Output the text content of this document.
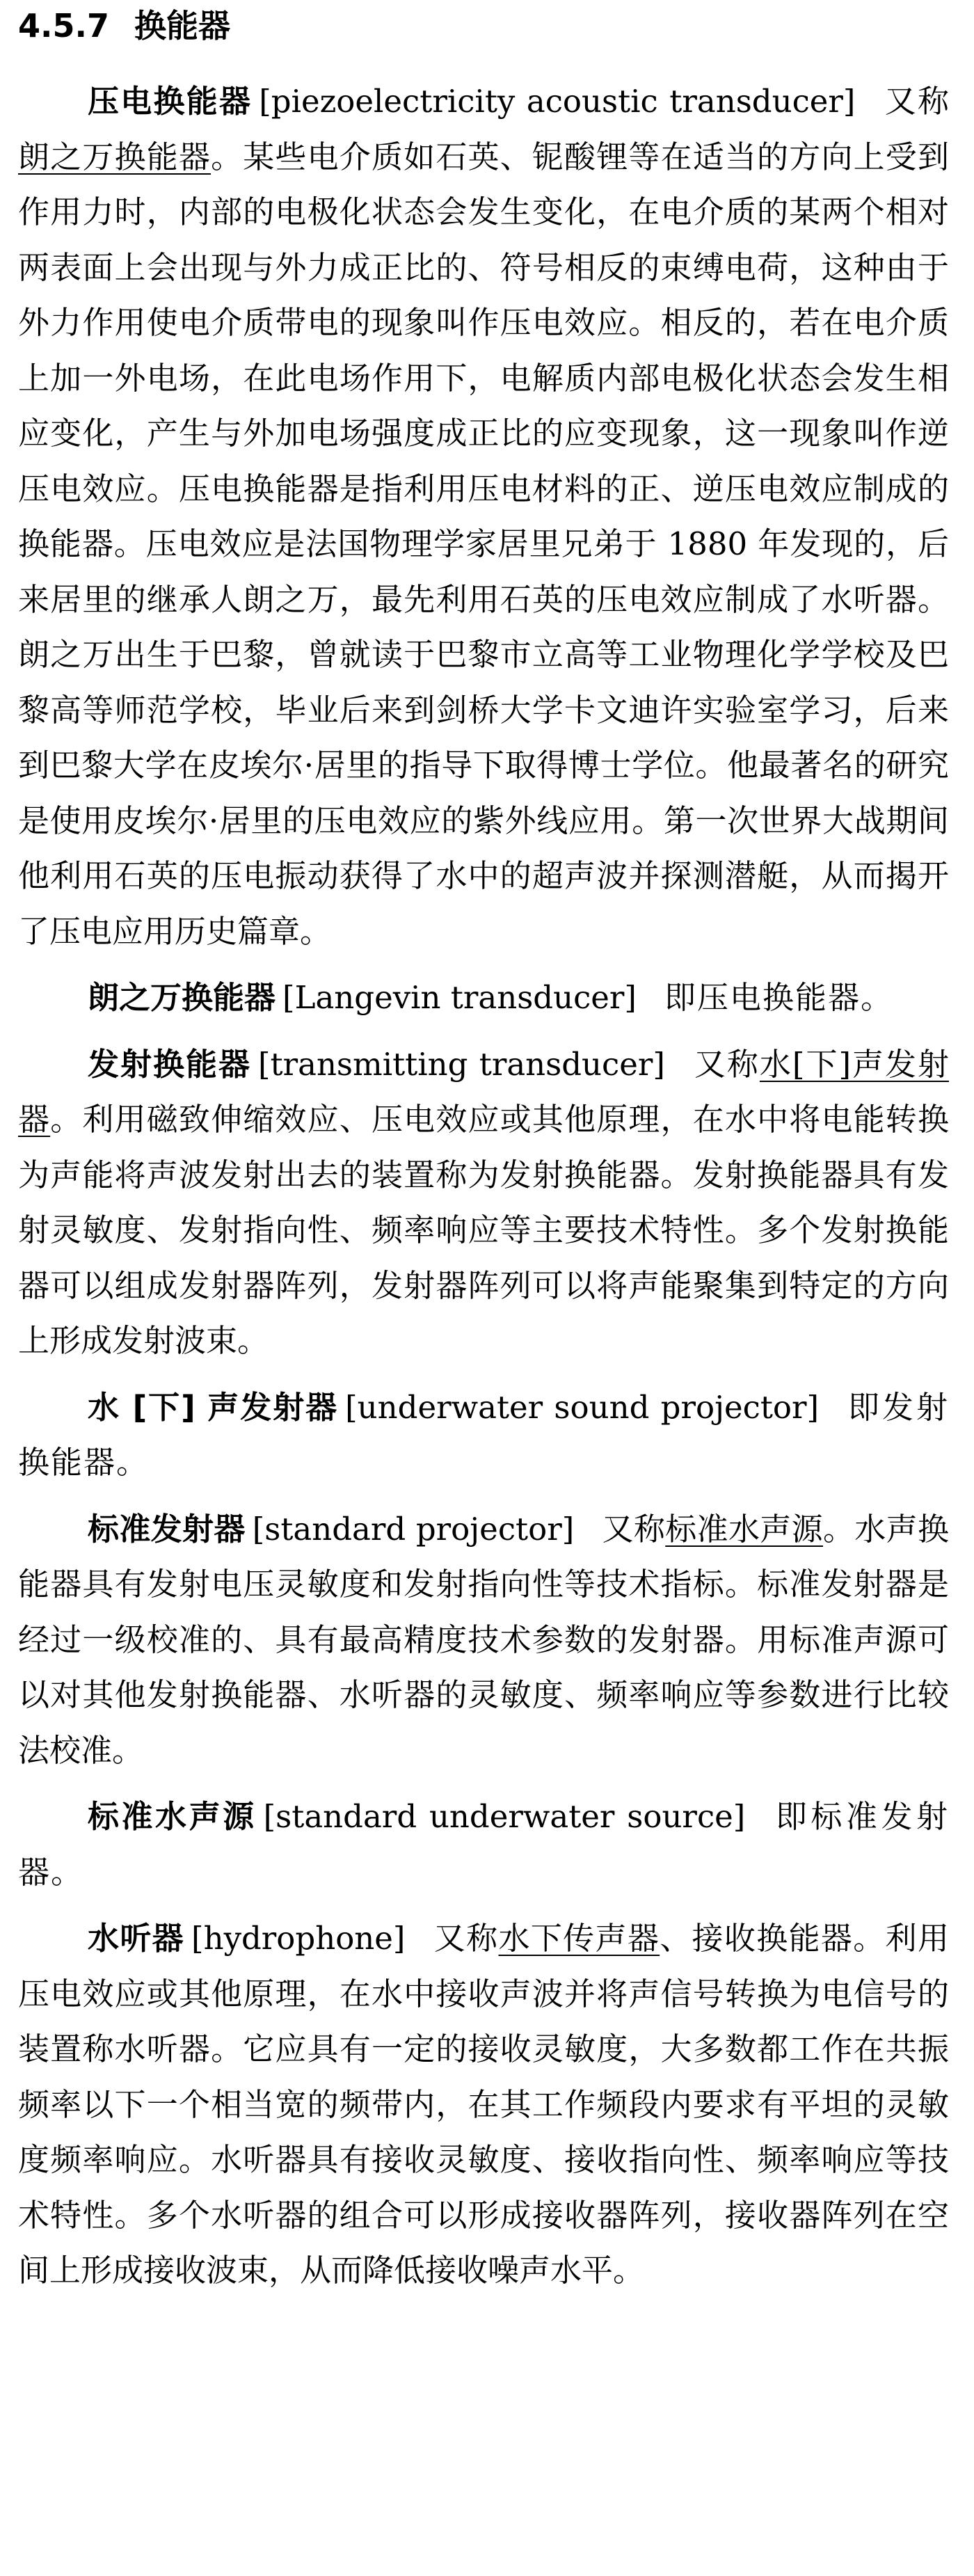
4.5.7 换能器

压电换能器 [piezoelectricity acoustic transducer] 又称朗之万换能器。某些电介质如石英、铌酸锂等在适当的方向上受到作用力时，内部的电极化状态会发生变化，在电介质的某两个相对两表面上会出现与外力成正比的、符号相反的束缚电荷，这种由于外力作用使电介质带电的现象叫作压电效应。相反的，若在电介质上加一外电场，在此电场作用下，电解质内部电极化状态会发生相应变化，产生与外加电场强度成正比的应变现象，这一现象叫作逆压电效应。压电换能器是指利用压电材料的正、逆压电效应制成的换能器。压电效应是法国物理学家居里兄弟于 1880 年发现的，后来居里的继承人朗之万，最先利用石英的压电效应制成了水听器。朗之万出生于巴黎，曾就读于巴黎市立高等工业物理化学学校及巴黎高等师范学校，毕业后来到剑桥大学卡文迪许实验室学习，后来到巴黎大学在皮埃尔·居里的指导下取得博士学位。他最著名的研究是使用皮埃尔·居里的压电效应的紫外线应用。第一次世界大战期间他利用石英的压电振动获得了水中的超声波并探测潜艇，从而揭开了压电应用历史篇章。

朗之万换能器 [Langevin transducer] 即压电换能器。

发射换能器 [transmitting transducer] 又称水[下]声发射器。利用磁致伸缩效应、压电效应或其他原理，在水中将电能转换为声能将声波发射出去的装置称为发射换能器。发射换能器具有发射灵敏度、发射指向性、频率响应等主要技术特性。多个发射换能器可以组成发射器阵列，发射器阵列可以将声能聚集到特定的方向上形成发射波束。

水 [下] 声发射器 [underwater sound projector] 即发射换能器。

标准发射器 [standard projector] 又称标准水声源。水声换能器具有发射电压灵敏度和发射指向性等技术指标。标准发射器是经过一级校准的、具有最高精度技术参数的发射器。用标准声源可以对其他发射换能器、水听器的灵敏度、频率响应等参数进行比较法校准。

标准水声源 [standard underwater source] 即标准发射器。

水听器 [hydrophone] 又称水下传声器、接收换能器。利用压电效应或其他原理，在水中接收声波并将声信号转换为电信号的装置称水听器。它应具有一定的接收灵敏度，大多数都工作在共振频率以下一个相当宽的频带内，在其工作频段内要求有平坦的灵敏度频率响应。水听器具有接收灵敏度、接收指向性、频率响应等技术特性。多个水听器的组合可以形成接收器阵列，接收器阵列在空间上形成接收波束，从而降低接收噪声水平。
